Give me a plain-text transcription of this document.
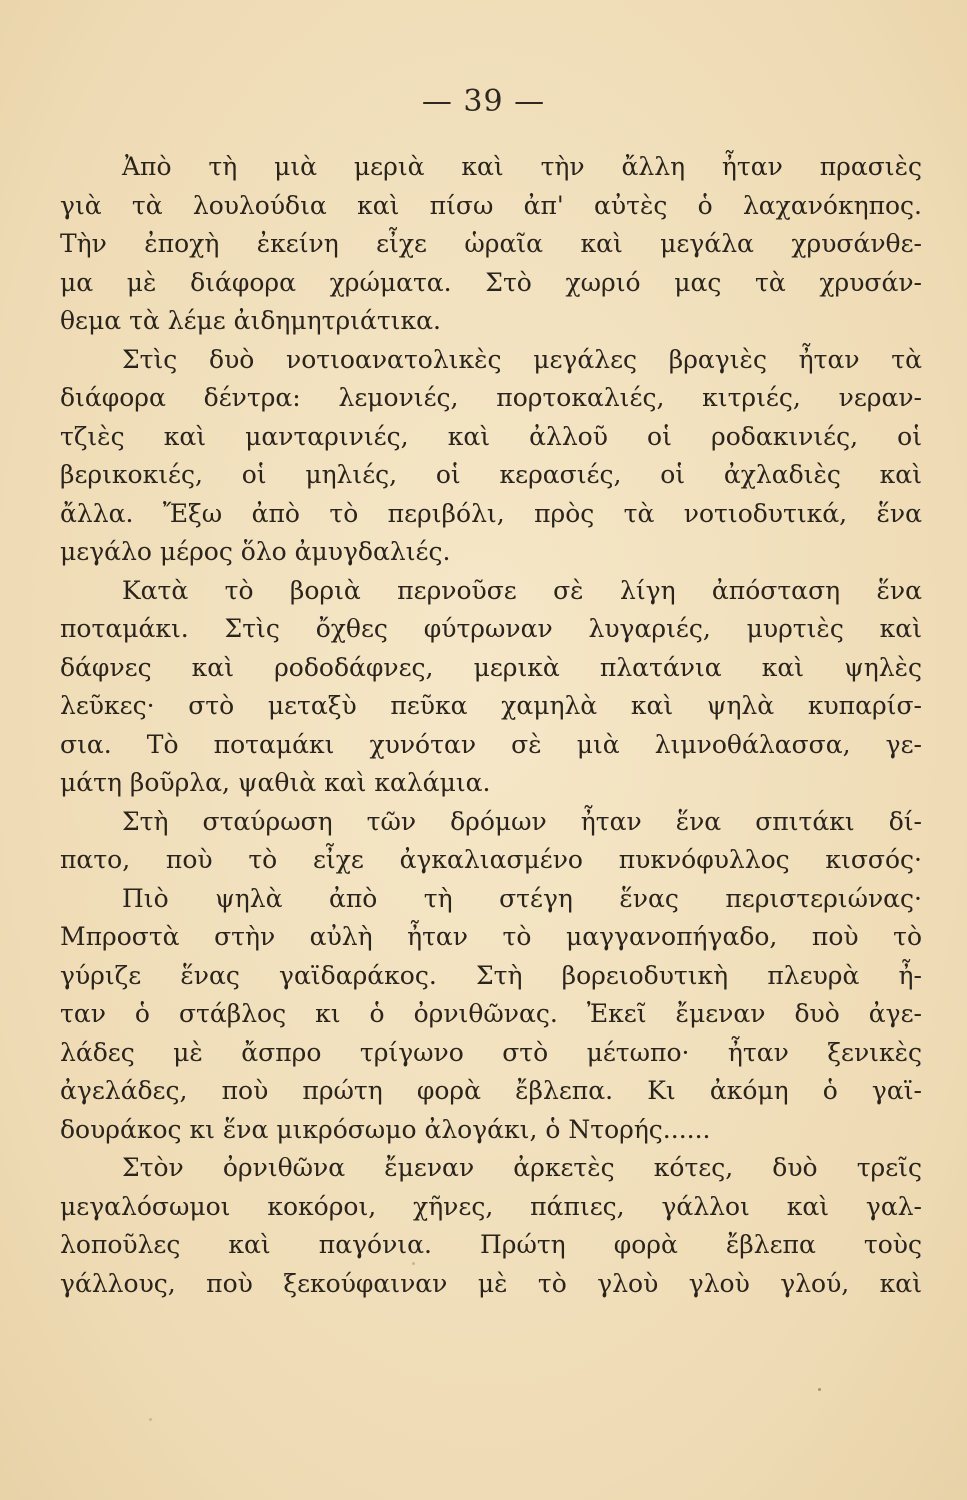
— 39 —
Ἀπὸ τὴ μιὰ μεριὰ καὶ τὴν ἄλλη ἦταν πρασιὲς
γιὰ τὰ λουλούδια καὶ πίσω ἀπ' αὐτὲς ὁ λαχανόκηπος.
Τὴν ἐποχὴ ἐκείνη εἶχε ὡραῖα καὶ μεγάλα χρυσάνθε-
μα μὲ διάφορα χρώματα. Στὸ χωριό μας τὰ χρυσάν-
θεμα τὰ λέμε ἀιδημητριάτικα.
Στὶς δυὸ νοτιοανατολικὲς μεγάλες βραγιὲς ἦταν τὰ
διάφορα δέντρα: λεμονιές, πορτοκαλιές, κιτριές, νεραν-
τζιὲς καὶ μανταρινιές, καὶ ἀλλοῦ οἱ ροδακινιές, οἱ
βερικοκιές, οἱ μηλιές, οἱ κερασιές, οἱ ἀχλαδιὲς καὶ
ἄλλα. Ἔξω ἀπὸ τὸ περιβόλι, πρὸς τὰ νοτιοδυτικά, ἕνα
μεγάλο μέρος ὅλο ἀμυγδαλιές.
Κατὰ τὸ βοριὰ περνοῦσε σὲ λίγη ἀπόσταση ἕνα
ποταμάκι. Στὶς ὄχθες φύτρωναν λυγαριές, μυρτιὲς καὶ
δάφνες καὶ ροδοδάφνες, μερικὰ πλατάνια καὶ ψηλὲς
λεῦκες· στὸ μεταξὺ πεῦκα χαμηλὰ καὶ ψηλὰ κυπαρίσ-
σια. Τὸ ποταμάκι χυνόταν σὲ μιὰ λιμνοθάλασσα, γε-
μάτη βοῦρλα, ψαθιὰ καὶ καλάμια.
Στὴ σταύρωση τῶν δρόμων ἦταν ἕνα σπιτάκι δί-
πατο, ποὺ τὸ εἶχε ἀγκαλιασμένο πυκνόφυλλος κισσός·
Πιὸ ψηλὰ ἀπὸ τὴ στέγη ἕνας περιστεριώνας·
Μπροστὰ στὴν αὐλὴ ἦταν τὸ μαγγανοπήγαδο, ποὺ τὸ
γύριζε ἕνας γαϊδαράκος. Στὴ βορειοδυτικὴ πλευρὰ ἦ-
ταν ὁ στάβλος κι ὁ ὀρνιθῶνας. Ἐκεῖ ἔμεναν δυὸ ἀγε-
λάδες μὲ ἄσπρο τρίγωνο στὸ μέτωπο· ἦταν ξενικὲς
ἀγελάδες, ποὺ πρώτη φορὰ ἔβλεπα. Κι ἀκόμη ὁ γαϊ-
δουράκος κι ἕνα μικρόσωμο ἀλογάκι, ὁ Ντορής......
Στὸν ὀρνιθῶνα ἔμεναν ἀρκετὲς κότες, δυὸ τρεῖς
μεγαλόσωμοι κοκόροι, χῆνες, πάπιες, γάλλοι καὶ γαλ-
λοποῦλες καὶ παγόνια. Πρώτη φορὰ ἔβλεπα τοὺς
γάλλους, ποὺ ξεκούφαιναν μὲ τὸ γλοὺ γλοὺ γλού, καὶ
